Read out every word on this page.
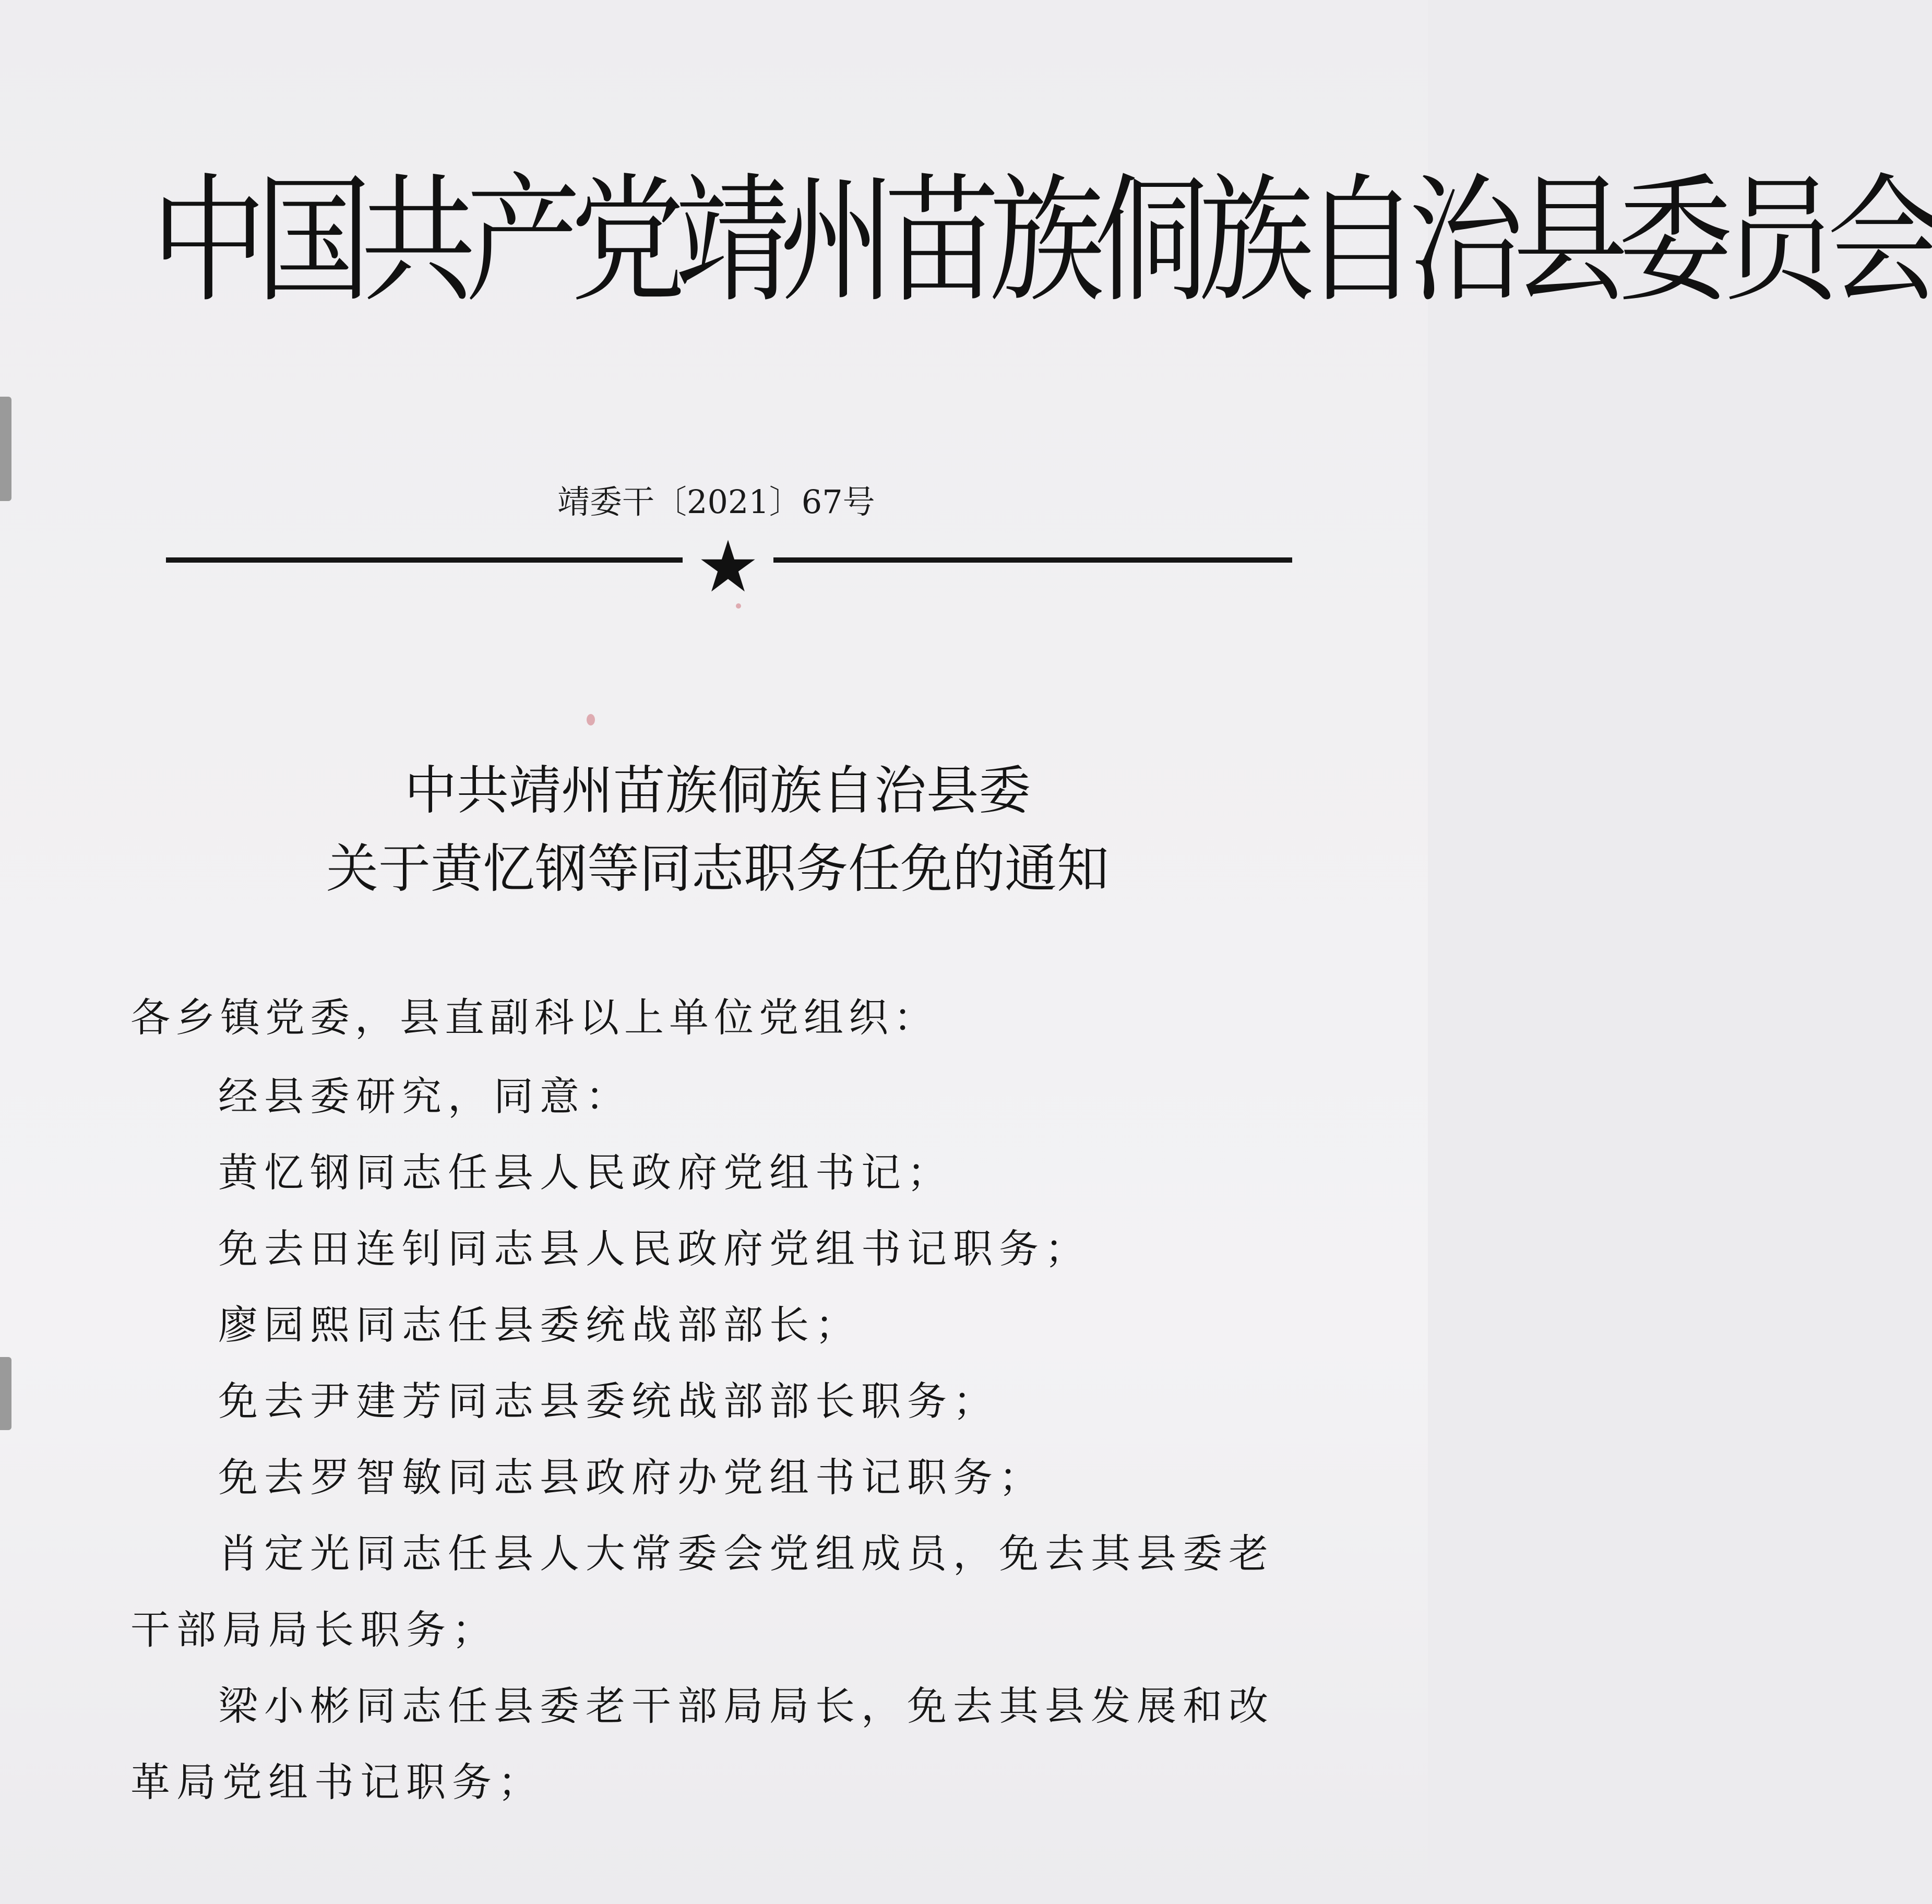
中国共产党靖州苗族侗族自治县委员会
靖委干〔2021〕67号
中共靖州苗族侗族自治县委
关于黄忆钢等同志职务任免的通知
各乡镇党委，县直副科以上单位党组织：

经县委研究，同意：

黄忆钢同志任县人民政府党组书记；

免去田连钊同志县人民政府党组书记职务；

廖园熙同志任县委统战部部长；

免去尹建芳同志县委统战部部长职务；

免去罗智敏同志县政府办党组书记职务；

肖定光同志任县人大常委会党组成员，免去其县委老干部局局长职务；

梁小彬同志任县委老干部局局长，免去其县发展和改革局党组书记职务；
